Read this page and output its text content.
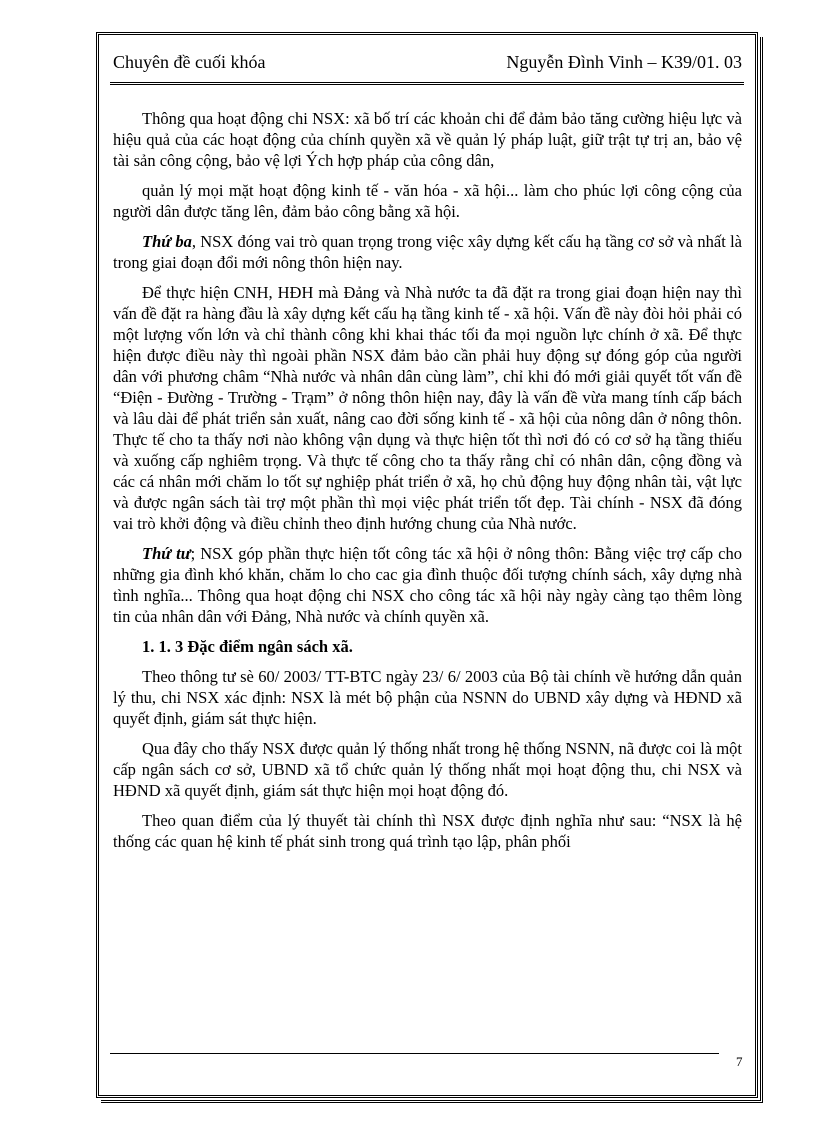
Chuyên đề cuối khóa	Nguyễn Đình Vinh – K39/01. 03

Thông qua hoạt động chi NSX: xã bố trí các khoản chi để đảm bảo tăng cường hiệu lực và hiệu quả của các hoạt động của chính quyền xã về quản lý pháp luật, giữ trật tự trị an, bảo vệ tài sản công cộng, bảo vệ lợi Ých hợp pháp của công dân,

quản lý mọi mặt hoạt động kinh tế - văn hóa - xã hội... làm cho phúc lợi công cộng của người dân được tăng lên, đảm bảo công bằng xã hội.

Thứ ba, NSX đóng vai trò quan trọng trong việc xây dựng kết cấu hạ tầng cơ sở và nhất là trong giai đoạn đổi mới nông thôn hiện nay.

Để thực hiện CNH, HĐH mà Đảng và Nhà nước ta đã đặt ra trong giai đoạn hiện nay thì vấn đề đặt ra hàng đầu là xây dựng kết cấu hạ tầng kinh tế - xã hội. Vấn đề này đòi hỏi phải có một lượng vốn lớn và chỉ thành công khi khai thác tối đa mọi nguồn lực chính ở xã. Để thực hiện được điều này thì ngoài phần NSX đảm bảo cần phải huy động sự đóng góp của người dân với phương châm “Nhà nước và nhân dân cùng làm”, chỉ khi đó mới giải quyết tốt vấn đề “Điện - Đường - Trường - Trạm” ở nông thôn hiện nay, đây là vấn đề vừa mang tính cấp bách và lâu dài để phát triển sản xuất, nâng cao đời sống kinh tế - xã hội của nông dân ở nông thôn. Thực tế cho ta thấy nơi nào không vận dụng và thực hiện tốt thì nơi đó có cơ sở hạ tầng thiếu và xuống cấp nghiêm trọng. Và thực tế công cho ta thấy rằng chỉ có nhân dân, cộng đồng và các cá nhân mới chăm lo tốt sự nghiệp phát triển ở xã, họ chủ động huy động nhân tài, vật lực và được ngân sách tài trợ một phần thì mọi việc phát triển tốt đẹp. Tài chính - NSX đã đóng vai trò khởi động và điều chỉnh theo định hướng chung của Nhà nước.

Thứ tư; NSX góp phần thực hiện tốt công tác xã hội ở nông thôn: Bằng việc trợ cấp cho những gia đình khó khăn, chăm lo cho cac gia đình thuộc đối tượng chính sách, xây dựng nhà tình nghĩa... Thông qua hoạt động chi NSX cho công tác xã hội này ngày càng tạo thêm lòng tin của nhân dân với Đảng, Nhà nước và chính quyền xã.

1. 1. 3 Đặc điểm ngân sách xã.

Theo thông tư sè 60/ 2003/ TT-BTC ngày 23/ 6/ 2003 của Bộ tài chính về hướng dẫn quản lý thu, chi NSX xác định: NSX là mét bộ phận của NSNN do UBND xây dựng và HĐND xã quyết định, giám sát thực hiện.

Qua đây cho thấy NSX được quản lý thống nhất trong hệ thống NSNN, nã được coi là một cấp ngân sách cơ sở, UBND xã tổ chức quản lý thống nhất mọi hoạt động thu, chi NSX và HĐND xã quyết định, giám sát thực hiện mọi hoạt động đó.

Theo quan điểm của lý thuyết tài chính thì NSX được định nghĩa như sau: “NSX là hệ thống các quan hệ kinh tế phát sinh trong quá trình tạo lập, phân phối

7
